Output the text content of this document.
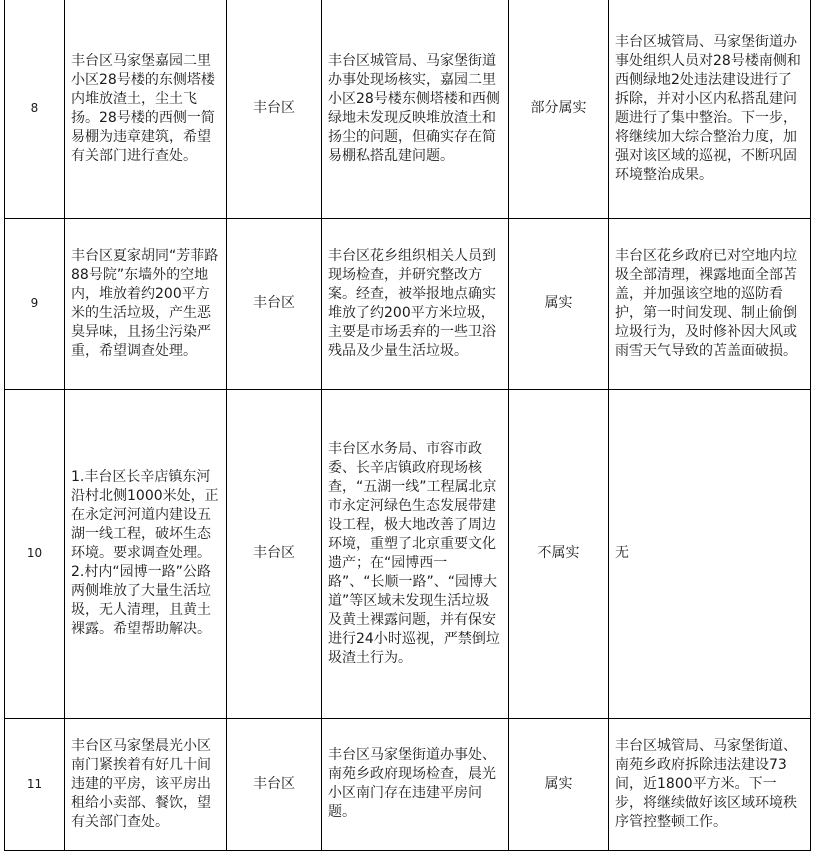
8	丰台区马家堡嘉园二里小区28号楼的东侧塔楼内堆放渣土，尘土飞扬。28号楼的西侧一简易棚为违章建筑，希望有关部门进行查处。	丰台区	丰台区城管局、马家堡街道办事处现场核实，嘉园二里小区28号楼东侧塔楼和西侧绿地未发现反映堆放渣土和扬尘的问题，但确实存在简易棚私搭乱建问题。	部分属实	丰台区城管局、马家堡街道办事处组织人员对28号楼南侧和西侧绿地2处违法建设进行了拆除，并对小区内私搭乱建问题进行了集中整治。下一步，将继续加大综合整治力度，加强对该区域的巡视，不断巩固环境整治成果。
9	丰台区夏家胡同“芳菲路88号院”东墙外的空地内，堆放着约200平方米的生活垃圾，产生恶臭异味，且扬尘污染严重，希望调查处理。	丰台区	丰台区花乡组织相关人员到现场检查，并研究整改方案。经查，被举报地点确实堆放了约200平方米垃圾，主要是市场丢弃的一些卫浴残品及少量生活垃圾。	属实	丰台区花乡政府已对空地内垃圾全部清理，裸露地面全部苫盖，并加强该空地的巡防看护，第一时间发现、制止偷倒垃圾行为，及时修补因大风或雨雪天气导致的苫盖面破损。
10	1.丰台区长辛店镇东河沿村北侧1000米处，正在永定河河道内建设五湖一线工程，破坏生态环境。要求调查处理。2.村内“园博一路”公路两侧堆放了大量生活垃圾，无人清理，且黄土裸露。希望帮助解决。	丰台区	丰台区水务局、市容市政委、长辛店镇政府现场核查，“五湖一线”工程属北京市永定河绿色生态发展带建设工程，极大地改善了周边环境，重塑了北京重要文化遗产；在“园博西一路”、“长顺一路”、“园博大道”等区域未发现生活垃圾及黄土裸露问题，并有保安进行24小时巡视，严禁倒垃圾渣土行为。	不属实	无
11	丰台区马家堡晨光小区南门紧挨着有好几十间违建的平房，该平房出租给小卖部、餐饮，望有关部门查处。	丰台区	丰台区马家堡街道办事处、南苑乡政府现场检查，晨光小区南门存在违建平房问题。	属实	丰台区城管局、马家堡街道、南苑乡政府拆除违法建设73间，近1800平方米。下一步，将继续做好该区域环境秩序管控整顿工作。
